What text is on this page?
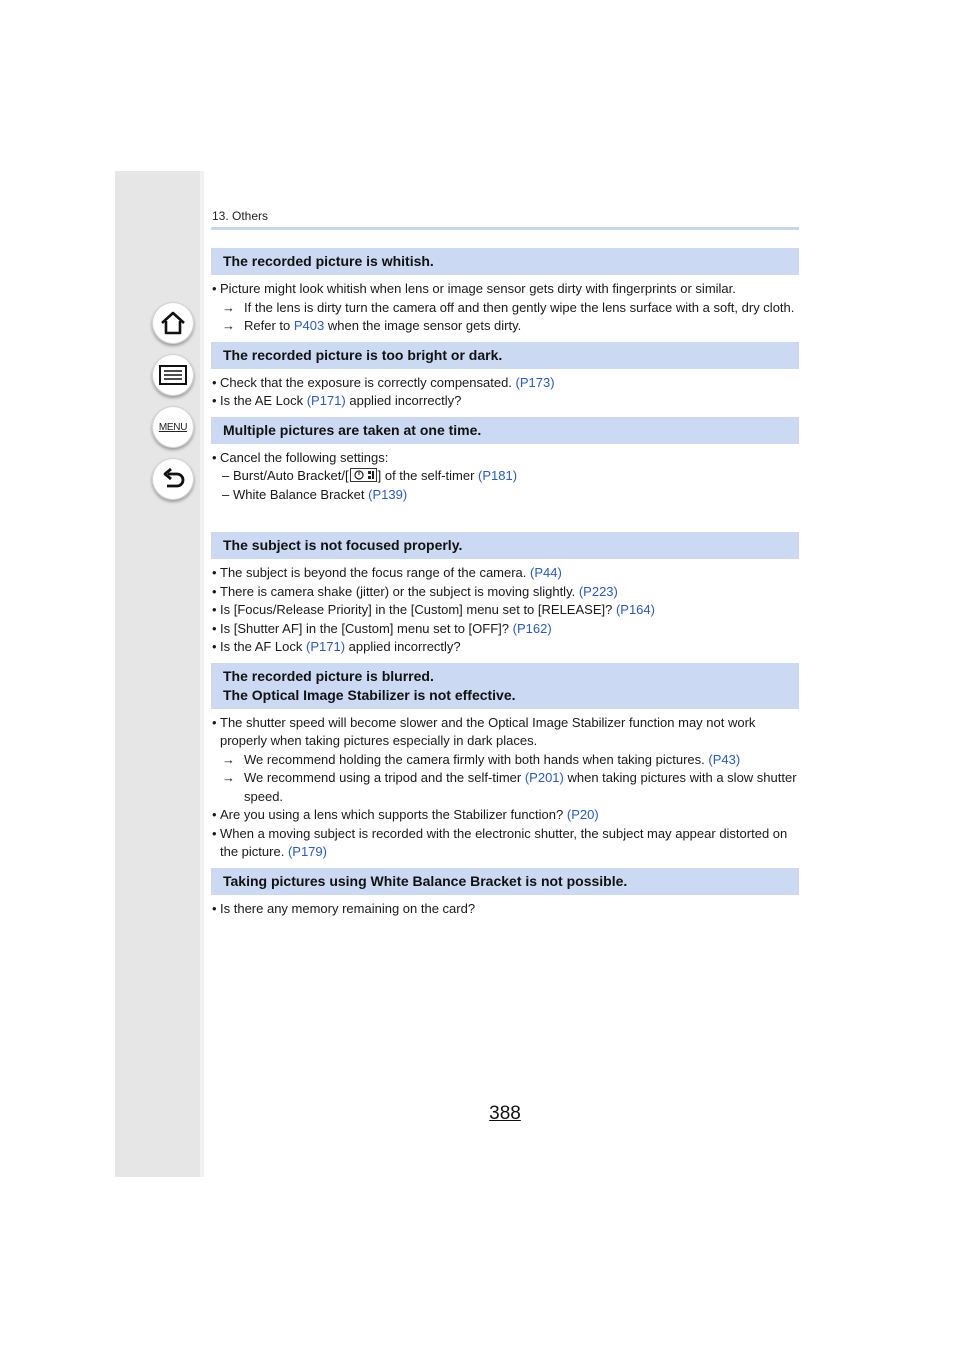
MENU
13. Others
The recorded picture is whitish.
• Picture might look whitish when lens or image sensor gets dirty with fingerprints or similar.
→ If the lens is dirty turn the camera off and then gently wipe the lens surface with a soft, dry cloth.
→ Refer to P403 when the image sensor gets dirty.
The recorded picture is too bright or dark.
• Check that the exposure is correctly compensated. (P173)
• Is the AE Lock (P171) applied incorrectly?
Multiple pictures are taken at one time.
• Cancel the following settings:
– Burst/Auto Bracket/[ ] of the self-timer (P181)
– White Balance Bracket (P139)
The subject is not focused properly.
• The subject is beyond the focus range of the camera. (P44)
• There is camera shake (jitter) or the subject is moving slightly. (P223)
• Is [Focus/Release Priority] in the [Custom] menu set to [RELEASE]? (P164)
• Is [Shutter AF] in the [Custom] menu set to [OFF]? (P162)
• Is the AF Lock (P171) applied incorrectly?
The recorded picture is blurred.
The Optical Image Stabilizer is not effective.
• The shutter speed will become slower and the Optical Image Stabilizer function may not work properly when taking pictures especially in dark places.
→ We recommend holding the camera firmly with both hands when taking pictures. (P43)
→ We recommend using a tripod and the self-timer (P201) when taking pictures with a slow shutter speed.
• Are you using a lens which supports the Stabilizer function? (P20)
• When a moving subject is recorded with the electronic shutter, the subject may appear distorted on the picture. (P179)
Taking pictures using White Balance Bracket is not possible.
• Is there any memory remaining on the card?
388
